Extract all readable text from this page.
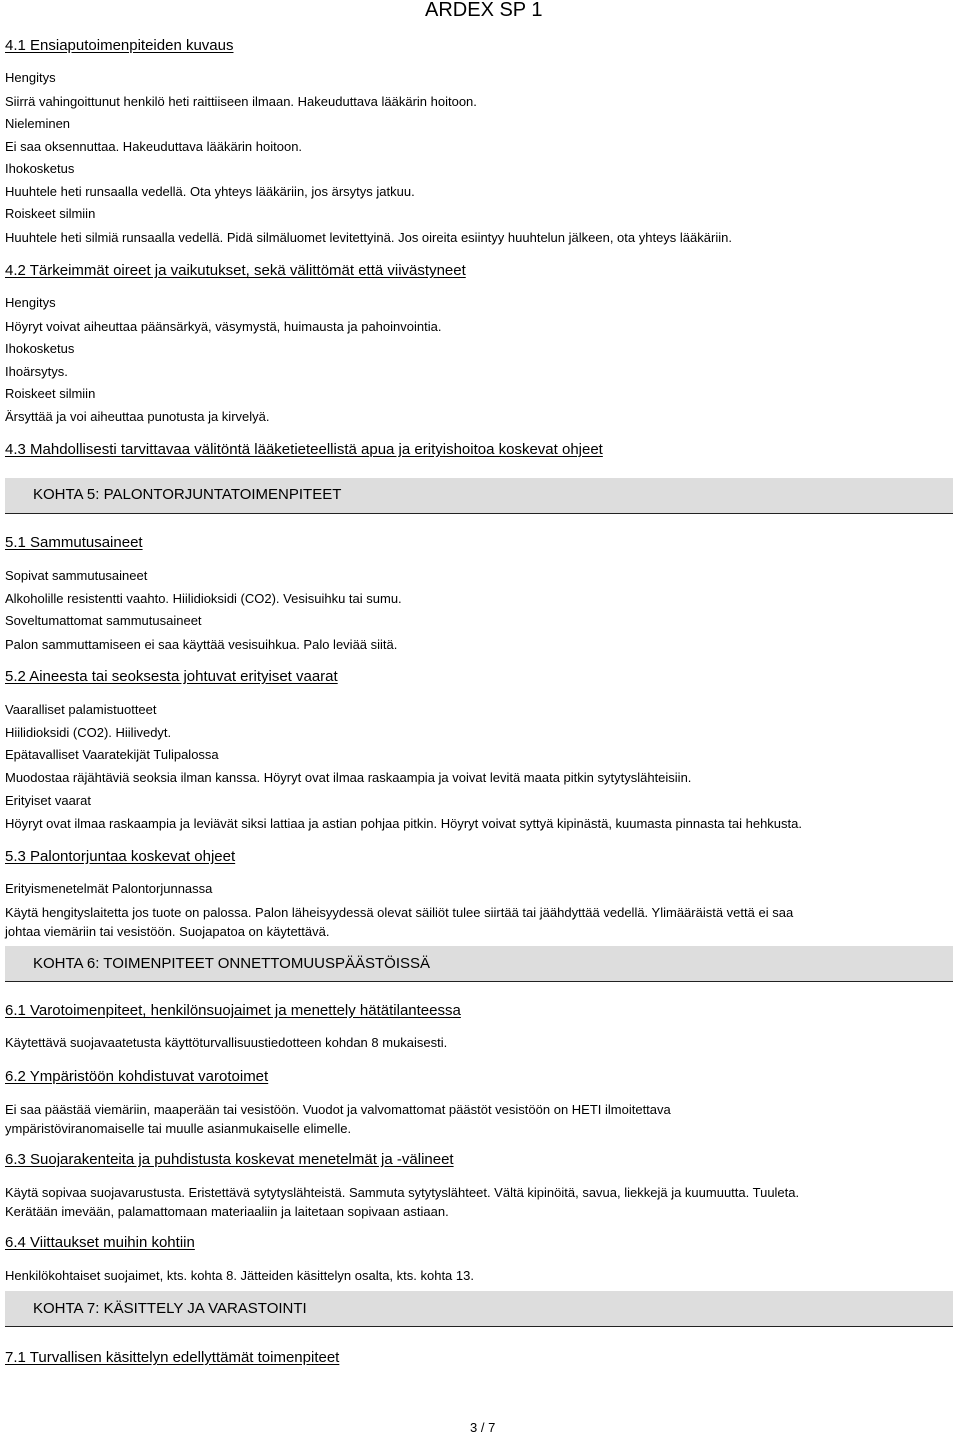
ARDEX SP 1
4.1 Ensiaputoimenpiteiden kuvaus
Hengitys
Siirrä vahingoittunut henkilö heti raittiiseen ilmaan. Hakeuduttava lääkärin hoitoon.
Nieleminen
Ei saa oksennuttaa. Hakeuduttava lääkärin hoitoon.
Ihokosketus
Huuhtele heti runsaalla vedellä. Ota yhteys lääkäriin, jos ärsytys jatkuu.
Roiskeet silmiin
Huuhtele heti silmiä runsaalla vedellä. Pidä silmäluomet levitettyinä. Jos oireita esiintyy huuhtelun jälkeen, ota yhteys lääkäriin.
4.2 Tärkeimmät oireet ja vaikutukset, sekä välittömät että viivästyneet
Hengitys
Höyryt voivat aiheuttaa päänsärkyä, väsymystä, huimausta ja pahoinvointia.
Ihokosketus
Ihoärsytys.
Roiskeet silmiin
Ärsyttää ja voi aiheuttaa punotusta ja kirvelyä.
4.3 Mahdollisesti tarvittavaa välitöntä lääketieteellistä apua ja erityishoitoa koskevat ohjeet
KOHTA 5: PALONTORJUNTATOIMENPITEET
5.1 Sammutusaineet
Sopivat sammutusaineet
Alkoholille resistentti vaahto. Hiilidioksidi (CO2). Vesisuihku tai sumu.
Soveltumattomat sammutusaineet
Palon sammuttamiseen ei saa käyttää vesisuihkua. Palo leviää siitä.
5.2 Aineesta tai seoksesta johtuvat erityiset vaarat
Vaaralliset palamistuotteet
Hiilidioksidi (CO2). Hiilivedyt.
Epätavalliset Vaaratekijät Tulipalossa
Muodostaa räjähtäviä seoksia ilman kanssa. Höyryt ovat ilmaa raskaampia ja voivat levitä maata pitkin sytytyslähteisiin.
Erityiset vaarat
Höyryt ovat ilmaa raskaampia ja leviävät siksi lattiaa ja astian pohjaa pitkin. Höyryt voivat syttyä kipinästä, kuumasta pinnasta tai hehkusta.
5.3 Palontorjuntaa koskevat ohjeet
Erityismenetelmät Palontorjunnassa
Käytä hengityslaitetta jos tuote on palossa. Palon läheisyydessä olevat säiliöt tulee siirtää tai jäähdyttää vedellä. Ylimääräistä vettä ei saa
johtaa viemäriin tai vesistöön. Suojapatoa on käytettävä.
KOHTA 6: TOIMENPITEET ONNETTOMUUSPÄÄSTÖISSÄ
6.1 Varotoimenpiteet, henkilönsuojaimet ja menettely hätätilanteessa
Käytettävä suojavaatetusta käyttöturvallisuustiedotteen kohdan 8 mukaisesti.
6.2 Ympäristöön kohdistuvat varotoimet
Ei saa päästää viemäriin, maaperään tai vesistöön. Vuodot ja valvomattomat päästöt vesistöön on HETI ilmoitettava
ympäristöviranomaiselle tai muulle asianmukaiselle elimelle.
6.3 Suojarakenteita ja puhdistusta koskevat menetelmät ja -välineet
Käytä sopivaa suojavarustusta. Eristettävä sytytyslähteistä. Sammuta sytytyslähteet. Vältä kipinöitä, savua, liekkejä ja kuumuutta. Tuuleta.
Kerätään imevään, palamattomaan materiaaliin ja laitetaan sopivaan astiaan.
6.4 Viittaukset muihin kohtiin
Henkilökohtaiset suojaimet, kts. kohta 8. Jätteiden käsittelyn osalta, kts. kohta 13.
KOHTA 7: KÄSITTELY JA VARASTOINTI
7.1 Turvallisen käsittelyn edellyttämät toimenpiteet
3 / 7
